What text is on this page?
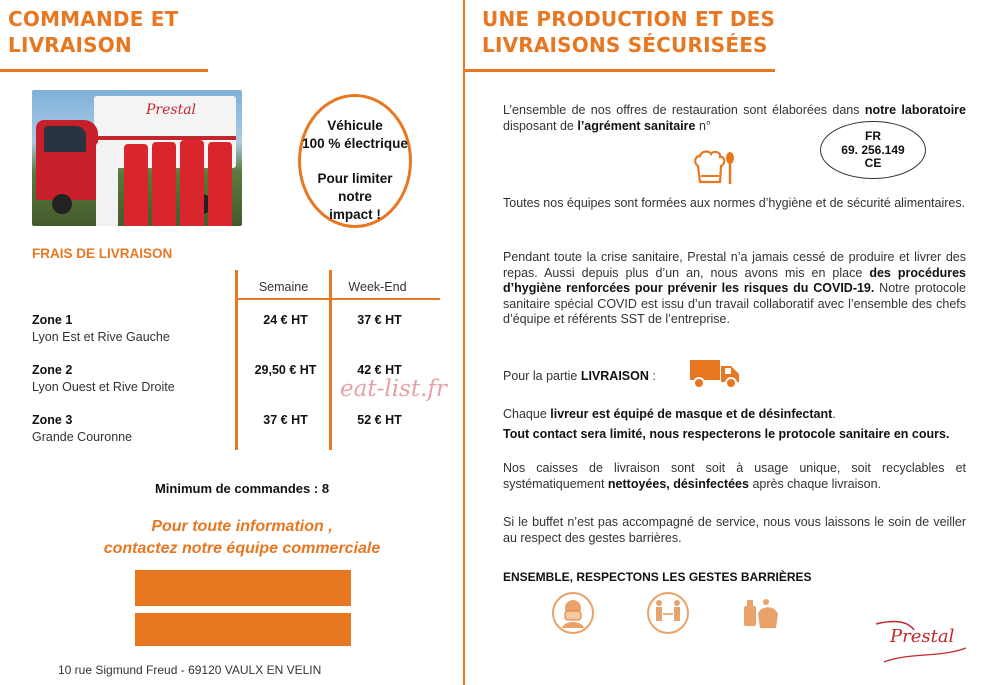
COMMANDE ET
LIVRAISON
Prestal
Véhicule
100 % électrique
Pour limiter notre
impact !
FRAIS DE LIVRAISON
Semaine	Week-End
Zone 1
Lyon Est et Rive Gauche
24 € HT	37 € HT
Zone 2
Lyon Ouest et Rive Droite
29,50 € HT	42 € HT
Zone 3
Grande Couronne
37 € HT	52 € HT
eat-list.fr
Minimum de commandes : 8
Pour toute information ,
contactez notre équipe commerciale
10 rue Sigmund Freud - 69120 VAULX EN VELIN
UNE PRODUCTION ET DES
LIVRAISONS SÉCURISÉES
L’ensemble de nos offres de restauration sont élaborées dans notre laboratoire disposant de l’agrément sanitaire n°
FR
69. 256.149
CE
Toutes nos équipes sont formées aux normes d’hygiène et de sécurité alimentaires.
Pendant toute la crise sanitaire, Prestal n’a jamais cessé de produire et livrer des repas. Aussi depuis plus d’un an, nous avons mis en place des procédures d’hygiène renforcées pour prévenir les risques du COVID-19. Notre protocole sanitaire spécial COVID est issu d’un travail collaboratif avec l’ensemble des chefs d’équipe et référents SST de l’entreprise.
Pour la partie LIVRAISON :
Chaque livreur est équipé de masque et de désinfectant.
Tout contact sera limité, nous respecterons le protocole sanitaire en cours.
Nos caisses de livraison sont soit à usage unique, soit recyclables et systématiquement nettoyées, désinfectées après chaque livraison.
Si le buffet n’est pas accompagné de service, nous vous laissons le soin de veiller au respect des gestes barrières.
ENSEMBLE, RESPECTONS LES GESTES BARRIÈRES
Prestal
